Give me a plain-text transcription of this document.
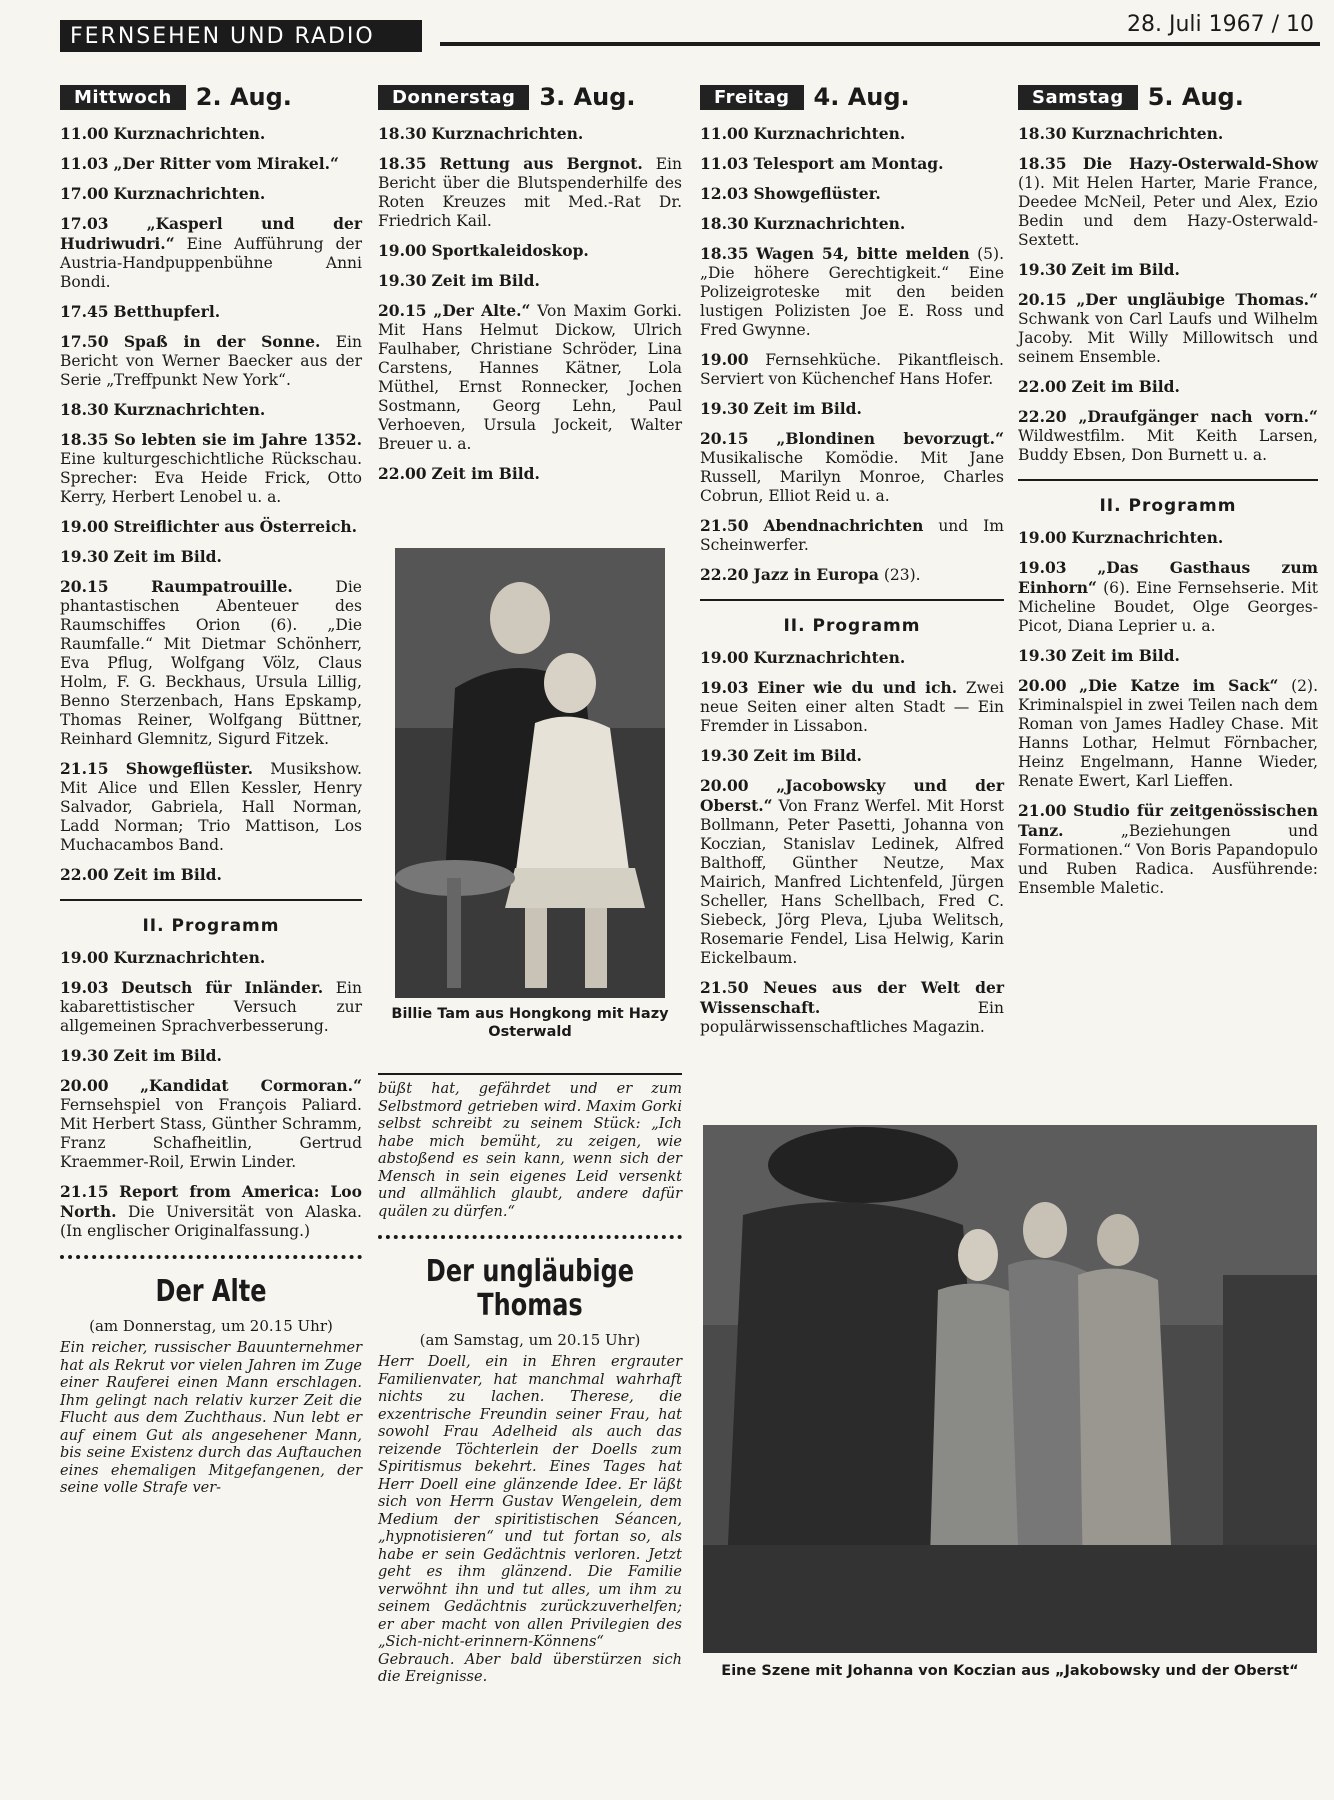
FERNSEHEN UND RADIO	28. Juli 1967 / 10
Mittwoch	2. Aug.
11.00 Kurznachrichten.
11.03 „Der Ritter vom Mirakel.“
17.00 Kurznachrichten.
17.03 „Kasperl und der Hudriwudri.“ Eine Aufführung der Austria-Handpuppenbühne Anni Bondi.
17.45 Betthupferl.
17.50 Spaß in der Sonne. Ein Bericht von Werner Baecker aus der Serie „Treffpunkt New York“.
18.30 Kurznachrichten.
18.35 So lebten sie im Jahre 1352. Eine kulturgeschichtliche Rückschau. Sprecher: Eva Heide Frick, Otto Kerry, Herbert Lenobel u. a.
19.00 Streiflichter aus Österreich.
19.30 Zeit im Bild.
20.15	Raumpatrouille.	Die phantastischen Abenteuer des Raumschiffes Orion (6). „Die Raumfalle.“ Mit Dietmar Schönherr, Eva Pflug, Wolfgang Völz, Claus Holm, F. G. Beckhaus, Ursula Lillig, Benno Sterzenbach, Hans Epskamp, Thomas Reiner, Wolfgang Büttner, Reinhard Glemnitz, Sigurd Fitzek.
21.15 Showgeflüster. Musikshow. Mit Alice und Ellen Kessler, Henry Salvador, Gabriela, Hall Norman, Ladd Norman; Trio Mattison, Los Muchacambos Band.
22.00 Zeit im Bild.
II. Programm
19.00 Kurznachrichten.
19.03 Deutsch für Inländer. Ein kabarettistischer Versuch zur allgemeinen Sprachverbesserung.
19.30 Zeit im Bild.
20.00 „Kandidat Cormoran.“ Fernsehspiel von François Paliard. Mit Herbert Stass, Günther Schramm, Franz Schafheitlin, Gertrud Kraemmer-Roil, Erwin Linder.
21.15 Report from America: Loo North. Die Universität von Alaska. (In englischer Originalfassung.)
Der Alte
(am Donnerstag, um 20.15 Uhr)
Ein reicher, russischer Bauunternehmer hat als Rekrut vor vielen Jahren im Zuge einer Rauferei einen Mann erschlagen. Ihm gelingt nach relativ kurzer Zeit die Flucht aus dem Zuchthaus. Nun lebt er auf einem Gut als angesehener Mann, bis seine Existenz durch das Auftauchen eines ehemaligen Mitgefangenen, der seine volle Strafe ver-
Donnerstag	3. Aug.
18.30 Kurznachrichten.
18.35 Rettung aus Bergnot. Ein Bericht über die Blutspenderhilfe des Roten Kreuzes mit Med.-Rat Dr. Friedrich Kail.
19.00 Sportkaleidoskop.
19.30 Zeit im Bild.
20.15 „Der Alte.“ Von Maxim Gorki. Mit Hans Helmut Dickow, Ulrich Faulhaber, Christiane Schröder, Lina Carstens, Hannes Kätner, Lola Müthel, Ernst Ronnecker, Jochen Sostmann, Georg Lehn, Paul Verhoeven, Ursula Jockeit, Walter Breuer u. a.
22.00 Zeit im Bild.
Billie Tam aus Hongkong mit Hazy Osterwald
büßt hat, gefährdet und er zum Selbstmord getrieben wird. Maxim Gorki selbst schreibt zu seinem Stück: „Ich habe mich bemüht, zu zeigen, wie abstoßend es sein kann, wenn sich der Mensch in sein eigenes Leid versenkt und allmählich glaubt, andere dafür quälen zu dürfen.“
Der ungläubige Thomas
(am Samstag, um 20.15 Uhr)
Herr Doell, ein in Ehren ergrauter Familienvater, hat manchmal wahrhaft nichts zu lachen. Therese, die exzentrische Freundin seiner Frau, hat sowohl Frau Adelheid als auch das reizende Töchterlein der Doells zum Spiritismus bekehrt. Eines Tages hat Herr Doell eine glänzende Idee. Er läßt sich von Herrn Gustav Wengelein, dem Medium der spiritistischen Séancen, „hypnotisieren“ und tut fortan so, als habe er sein Gedächtnis verloren. Jetzt geht es ihm glänzend. Die Familie verwöhnt ihn und tut alles, um ihm zu seinem Gedächtnis zurückzuverhelfen; er aber macht von allen Privilegien des „Sich-nicht-erinnern-Könnens“ Gebrauch. Aber bald überstürzen sich die Ereignisse.
Freitag	4. Aug.
11.00 Kurznachrichten.
11.03 Telesport am Montag.
12.03 Showgeflüster.
18.30 Kurznachrichten.
18.35 Wagen 54, bitte melden (5). „Die höhere Gerechtigkeit.“ Eine Polizeigroteske mit den beiden lustigen Polizisten Joe E. Ross und Fred Gwynne.
19.00 Fernsehküche. Pikantfleisch. Serviert von Küchenchef Hans Hofer.
19.30 Zeit im Bild.
20.15 „Blondinen bevorzugt.“ Musikalische Komödie. Mit Jane Russell, Marilyn Monroe, Charles Cobrun, Elliot Reid u. a.
21.50 Abendnachrichten und Im Scheinwerfer.
22.20 Jazz in Europa (23).
II. Programm
19.00 Kurznachrichten.
19.03 Einer wie du und ich. Zwei neue Seiten einer alten Stadt — Ein Fremder in Lissabon.
19.30 Zeit im Bild.
20.00 „Jacobowsky und der Oberst.“ Von Franz Werfel. Mit Horst Bollmann, Peter Pasetti, Johanna von Koczian, Stanislav Ledinek, Alfred Balthoff, Günther Neutze, Max Mairich, Manfred Lichtenfeld, Jürgen Scheller, Hans Schellbach, Fred C. Siebeck, Jörg Pleva, Ljuba Welitsch, Rosemarie Fendel, Lisa Helwig, Karin Eickelbaum.
21.50 Neues aus der Welt der Wissenschaft.	Ein populärwissenschaftliches Magazin.
Samstag	5. Aug.
18.30 Kurznachrichten.
18.35 Die Hazy-Osterwald-Show (1). Mit Helen Harter, Marie France, Deedee McNeil, Peter und Alex, Ezio Bedin und dem Hazy-Osterwald-Sextett.
19.30 Zeit im Bild.
20.15 „Der ungläubige Thomas.“ Schwank von Carl Laufs und Wilhelm Jacoby. Mit Willy Millowitsch und seinem Ensemble.
22.00 Zeit im Bild.
22.20 „Draufgänger nach vorn.“ Wildwestfilm. Mit Keith Larsen, Buddy Ebsen, Don Burnett u. a.
II. Programm
19.00 Kurznachrichten.
19.03 „Das Gasthaus zum Einhorn“ (6). Eine Fernsehserie. Mit Micheline Boudet, Olge Georges-Picot, Diana Leprier u. a.
19.30 Zeit im Bild.
20.00 „Die Katze im Sack“ (2). Kriminalspiel in zwei Teilen nach dem Roman von James Hadley Chase. Mit Hanns Lothar, Helmut Förnbacher, Heinz Engelmann, Hanne Wieder, Renate Ewert, Karl Lieffen.
21.00 Studio für zeitgenössischen Tanz.	„Beziehungen und Formationen.“ Von Boris Papandopulo und Ruben Radica. Ausführende: Ensemble Maletic.
Eine Szene mit Johanna von Koczian aus „Jakobowsky und der Oberst“
